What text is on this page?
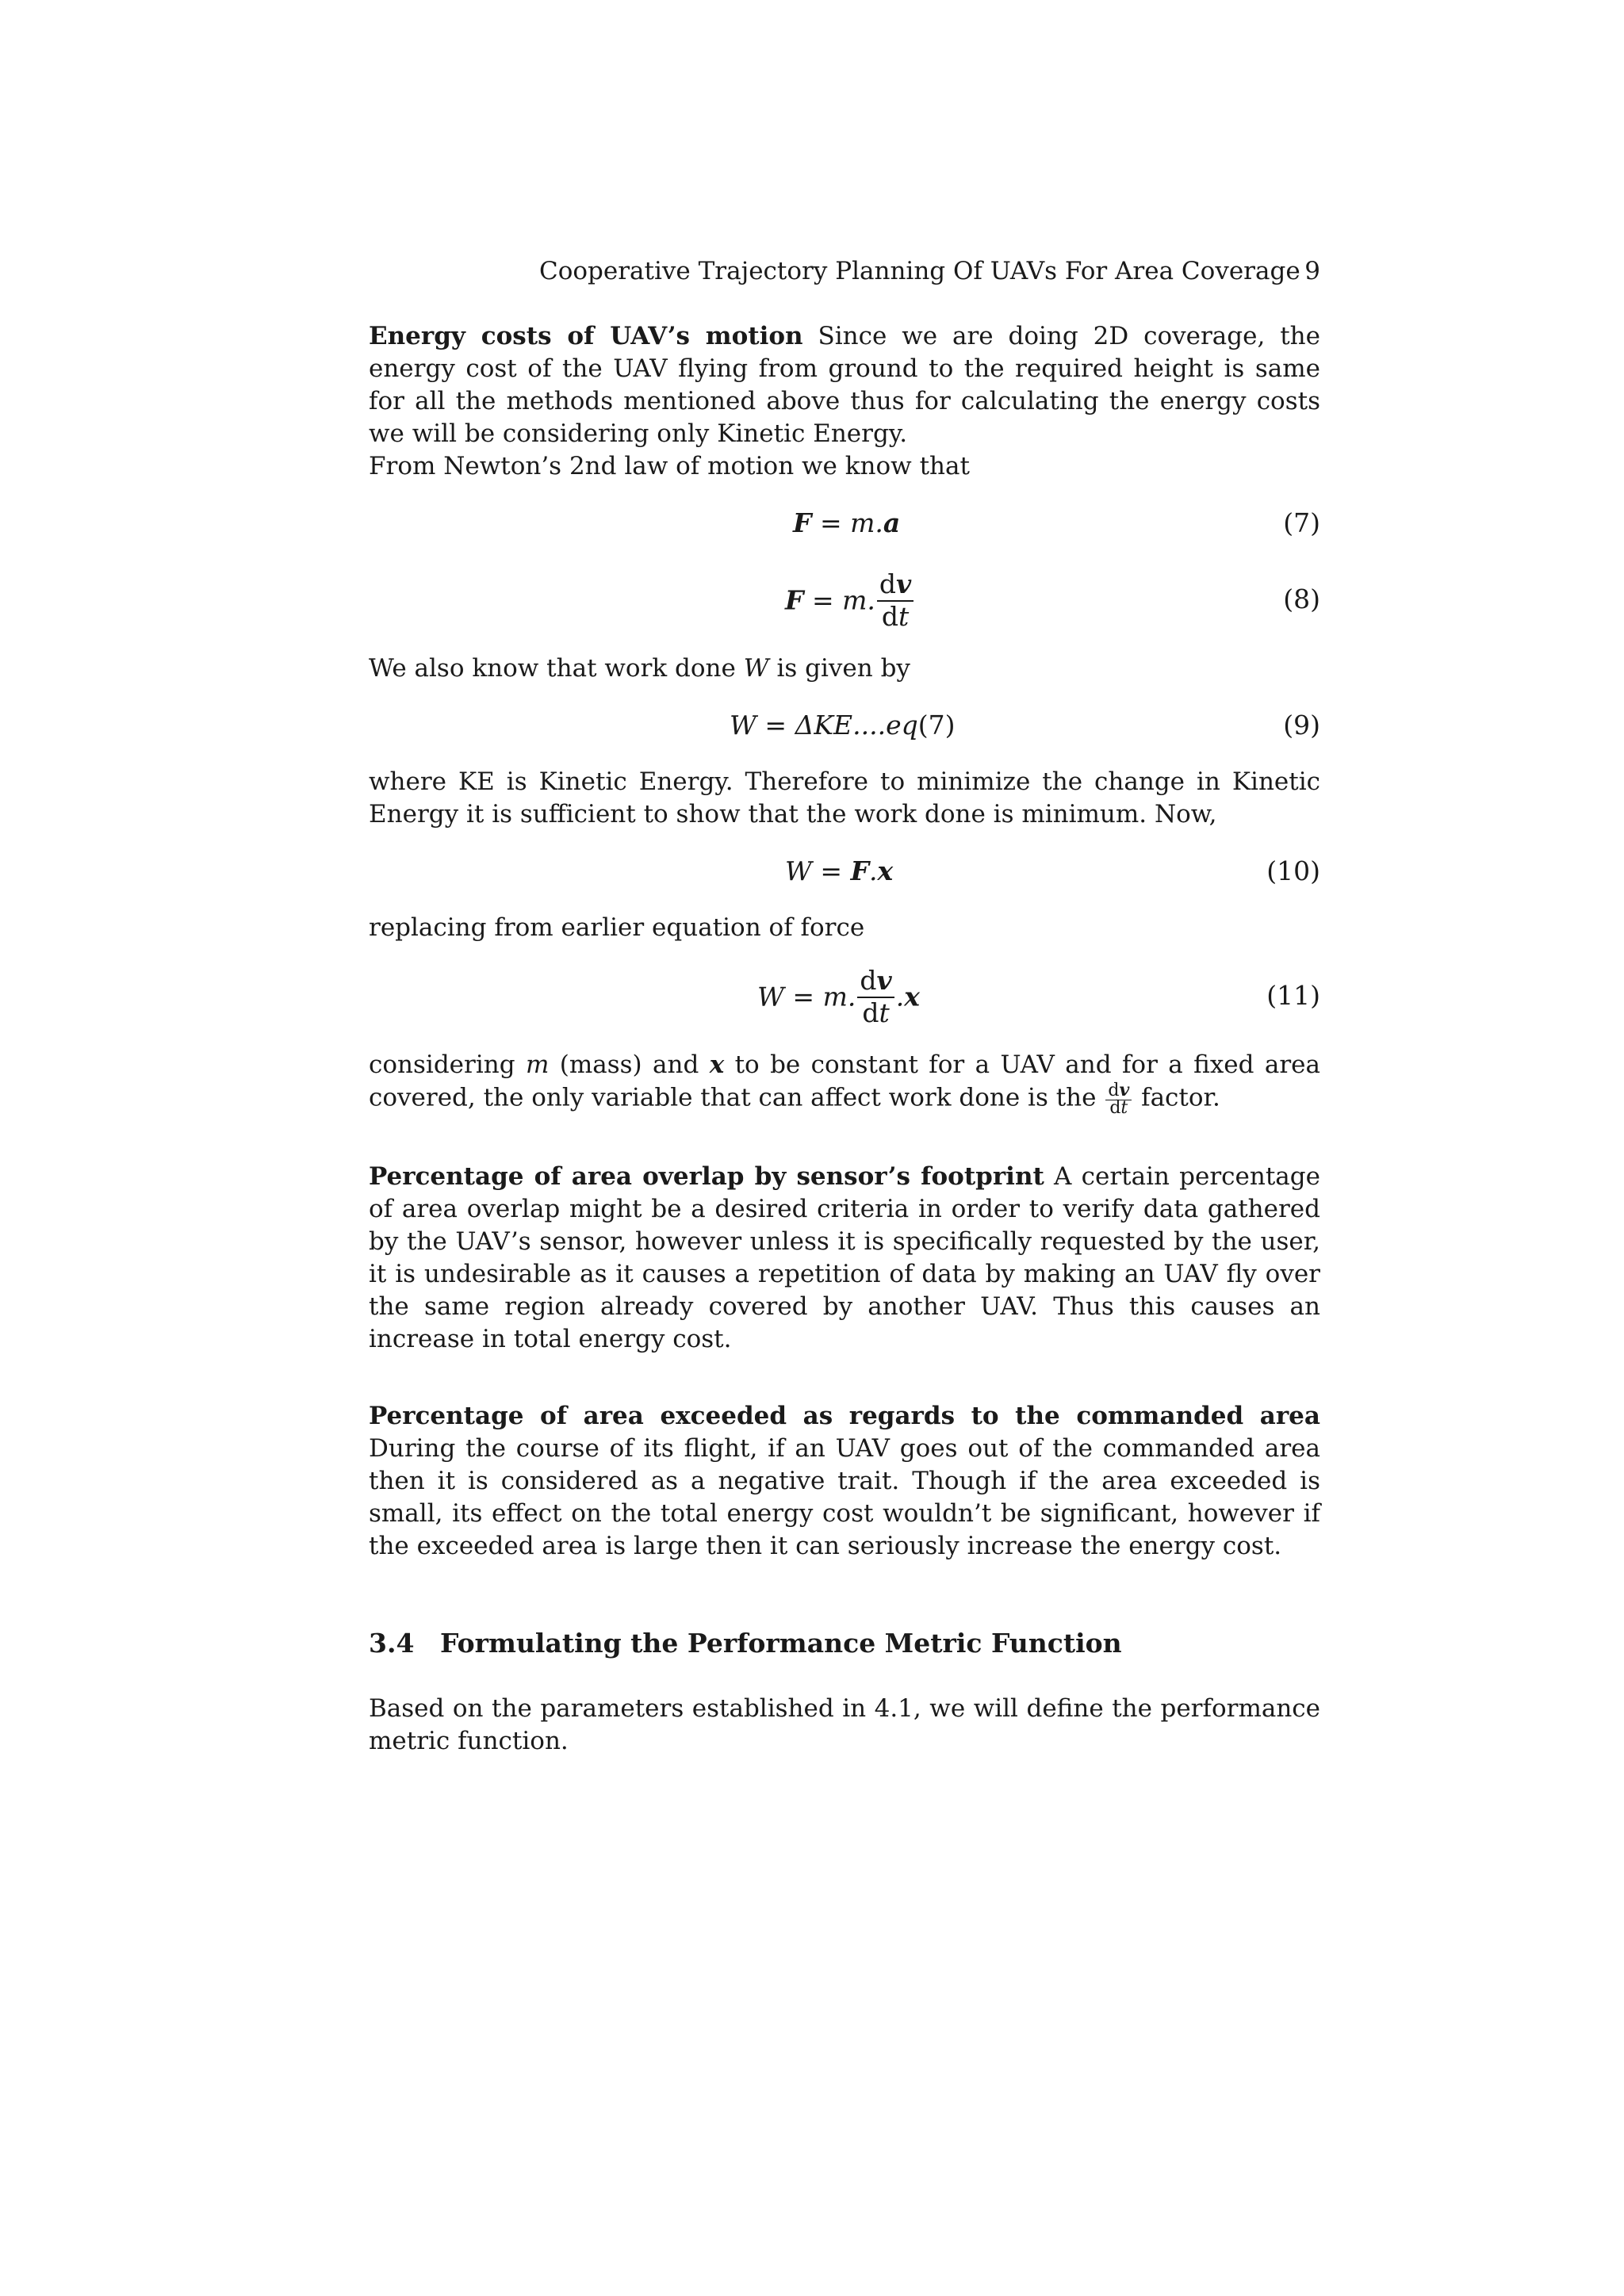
Cooperative Trajectory Planning Of UAVs For Area Coverage 9

Energy costs of UAV’s motion Since we are doing 2D coverage, the energy cost of the UAV flying from ground to the required height is same for all the methods mentioned above thus for calculating the energy costs we will be considering only Kinetic Energy.
From Newton’s 2nd law of motion we know that

F = m.a	(7)
F = m. $\frac{dv}{dt}$	(8)

We also know that work done W is given by

W = ΔKE....eq(7)	(9)

where KE is Kinetic Energy. Therefore to minimize the change in Kinetic Energy it is sufficient to show that the work done is minimum. Now,

W = F.x	(10)

replacing from earlier equation of force

W = m. $\frac{dv}{dt} .x$	(11)

considering m (mass) and x to be constant for a UAV and for a fixed area covered, the only variable that can affect work done is the $\frac{dv}{dt}$ factor.

Percentage of area overlap by sensor’s footprint A certain percentage of area overlap might be a desired criteria in order to verify data gathered by the UAV’s sensor, however unless it is specifically requested by the user, it is undesirable as it causes a repetition of data by making an UAV fly over the same region already covered by another UAV. Thus this causes an increase in total energy cost.

Percentage of area exceeded as regards to the commanded area During the course of its flight, if an UAV goes out of the commanded area then it is considered as a negative trait. Though if the area exceeded is small, its effect on the total energy cost wouldn’t be significant, however if the exceeded area is large then it can seriously increase the energy cost.

3.4 Formulating the Performance Metric Function

Based on the parameters established in 4.1, we will define the performance metric function.
